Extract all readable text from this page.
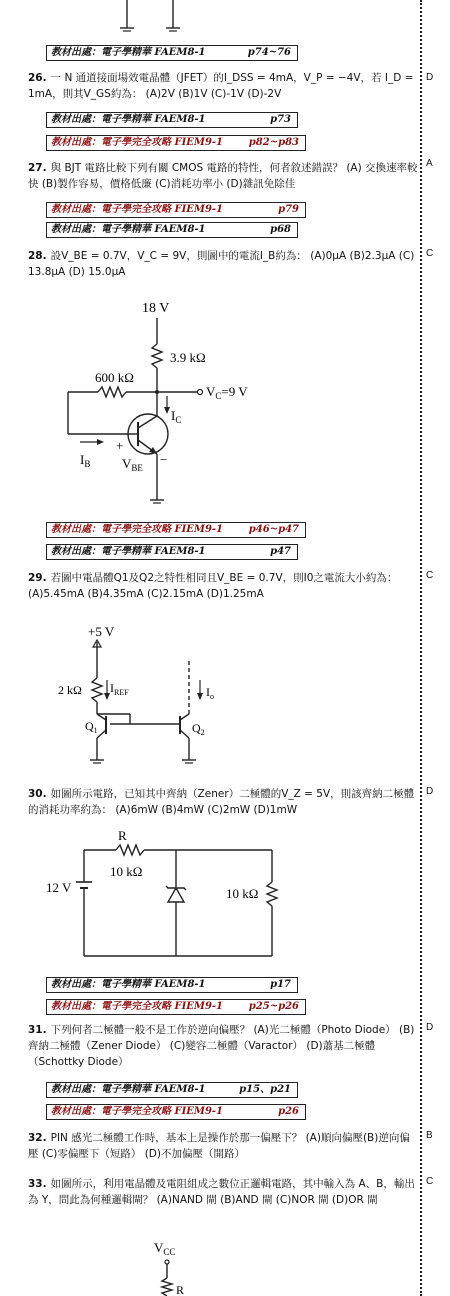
教材出處：電子學精華 FAEM8-1	p74~76
26. 一 N 通道接面場效電晶體（JFET）的I_DSS = 4mA，V_P = −4V，若 I_D = 1mA，則其V_GS約為： (A)2V (B)1V (C)-1V (D)-2V
D
教材出處：電子學精華 FAEM8-1	p73
教材出處：電子學完全攻略 FIEM9-1	p82~p83
27. 與 BJT 電路比較下列有關 CMOS 電路的特性，何者敘述錯誤？ (A) 交換速率較快 (B)製作容易，價格低廉 (C)消耗功率小 (D)雜訊免除佳
A
教材出處：電子學完全攻略 FIEM9-1	p79
教材出處：電子學精華 FAEM8-1	p68
28. 設V_BE = 0.7V，V_C = 9V，則圖中的電流I_B約為： (A)0μA (B)2.3μA (C) 13.8μA (D) 15.0μA
C
18 V
3.9 kΩ
$V_C=9$ V
600 kΩ
$I_C$
$I_B$
+
$V_{BE}$
−
教材出處：電子學完全攻略 FIEM9-1	p46~p47
教材出處：電子學精華 FAEM8-1	p47
29. 若圖中電晶體Q1及Q2之特性相同且V_BE = 0.7V，則I0之電流大小約為： (A)5.45mA (B)4.35mA (C)2.15mA (D)1.25mA
C
+5 V
2 kΩ $I_{REF}$
$Q_1$	$Q_2$
$I_o$
30. 如圖所示電路，已知其中齊納（Zener）二極體的V_Z = 5V，則該齊納二極體的消耗功率約為： (A)6mW (B)4mW (C)2mW (D)1mW
D
R
10 kΩ
12 V	10 kΩ
教材出處：電子學精華 FAEM8-1	p17
教材出處：電子學完全攻略 FIEM9-1	p25~p26
31. 下列何者二極體一般不是工作於逆向偏壓？ (A)光二極體（Photo Diode） (B)齊納二極體（Zener Diode） (C)變容二極體（Varactor） (D)蕭基二極體（Schottky Diode）
D
教材出處：電子學精華 FAEM8-1	p15、p21
教材出處：電子學完全攻略 FIEM9-1	p26
32. PIN 感光二極體工作時，基本上是操作於那一偏壓下？ (A)順向偏壓(B)逆向偏壓 (C)零偏壓下（短路） (D)不加偏壓（開路）
B
33. 如圖所示，利用電晶體及電阻組成之數位正邏輯電路，其中輸入為 A、B，輸出為 Y，問此為何種邏輯閘？ (A)NAND 閘 (B)AND 閘 (C)NOR 閘 (D)OR 閘
C
$V_{CC}$
R
